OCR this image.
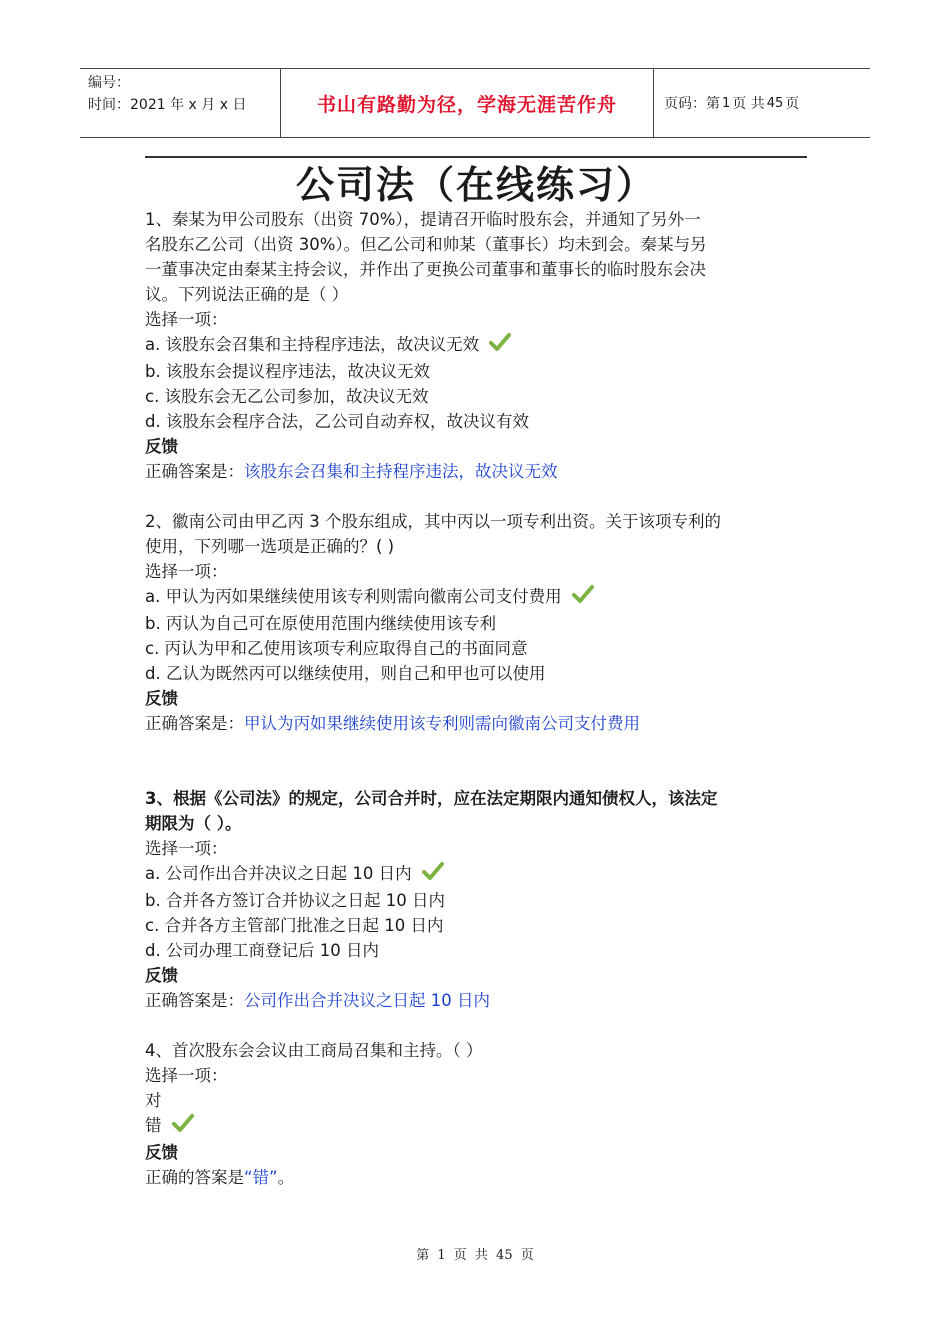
编号：
时间：2021 年 x 月 x 日	书山有路勤为径，学海无涯苦作舟	页码：第 1 页 共 45 页
公司法（在线练习）

1、秦某为甲公司股东（出资 70%），提请召开临时股东会，并通知了另外一

名股东乙公司（出资 30%）。但乙公司和帅某（董事长）均未到会。秦某与另

一董事决定由秦某主持会议，并作出了更换公司董事和董事长的临时股东会决

议。下列说法正确的是（ ）

选择一项：

a. 该股东会召集和主持程序违法，故决议无效

b. 该股东会提议程序违法，故决议无效

c. 该股东会无乙公司参加，故决议无效

d. 该股东会程序合法，乙公司自动弃权，故决议有效

反馈

正确答案是：该股东会召集和主持程序违法，故决议无效

2、徽南公司由甲乙丙 3 个股东组成，其中丙以一项专利出资。关于该项专利的

使用，下列哪一选项是正确的？( )

选择一项：

a. 甲认为丙如果继续使用该专利则需向徽南公司支付费用

b. 丙认为自己可在原使用范围内继续使用该专利

c. 丙认为甲和乙使用该项专利应取得自己的书面同意

d. 乙认为既然丙可以继续使用，则自己和甲也可以使用

反馈

正确答案是：甲认为丙如果继续使用该专利则需向徽南公司支付费用

3、根据《公司法》的规定，公司合并时，应在法定期限内通知债权人，该法定

期限为（ ）。

选择一项：

a. 公司作出合并决议之日起 10 日内

b. 合并各方签订合并协议之日起 10 日内

c. 合并各方主管部门批准之日起 10 日内

d. 公司办理工商登记后 10 日内

反馈

正确答案是：公司作出合并决议之日起 10 日内

4、首次股东会会议由工商局召集和主持。（ ）

选择一项：

对

错

反馈

正确的答案是“错”。

第 1 页 共 45 页
